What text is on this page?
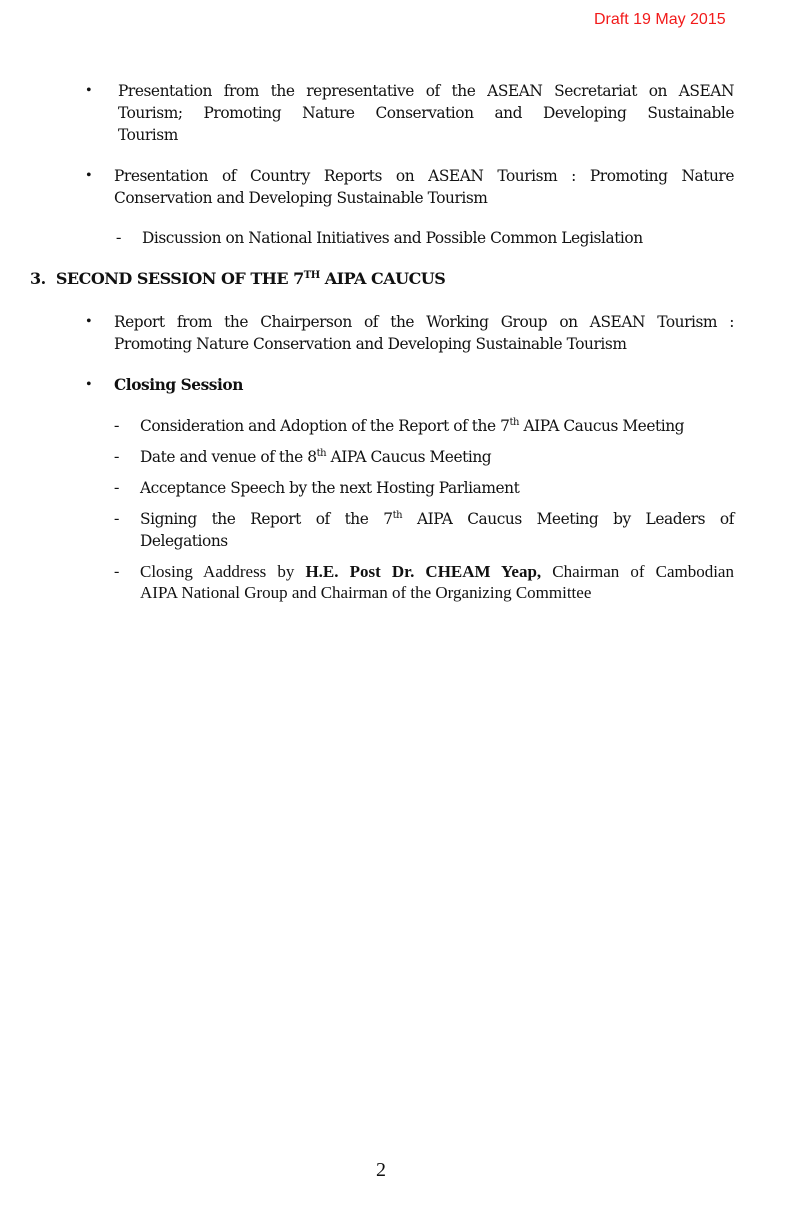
Draft 19 May 2015
• Presentation from the representative of the ASEAN Secretariat on ASEAN
Tourism; Promoting Nature Conservation and Developing Sustainable
Tourism
• Presentation of Country Reports on ASEAN Tourism : Promoting Nature
Conservation and Developing Sustainable Tourism
- Discussion on National Initiatives and Possible Common Legislation
3. SECOND SESSION OF THE 7TH AIPA CAUCUS
• Report from the Chairperson of the Working Group on ASEAN Tourism :
Promoting Nature Conservation and Developing Sustainable Tourism
• Closing Session
- Consideration and Adoption of the Report of the 7th AIPA Caucus Meeting
- Date and venue of the 8th AIPA Caucus Meeting
- Acceptance Speech by the next Hosting Parliament
- Signing the Report of the 7th AIPA Caucus Meeting by Leaders of
Delegations
- Closing Aaddress by H.E. Post Dr. CHEAM Yeap, Chairman of Cambodian
AIPA National Group and Chairman of the Organizing Committee
2
